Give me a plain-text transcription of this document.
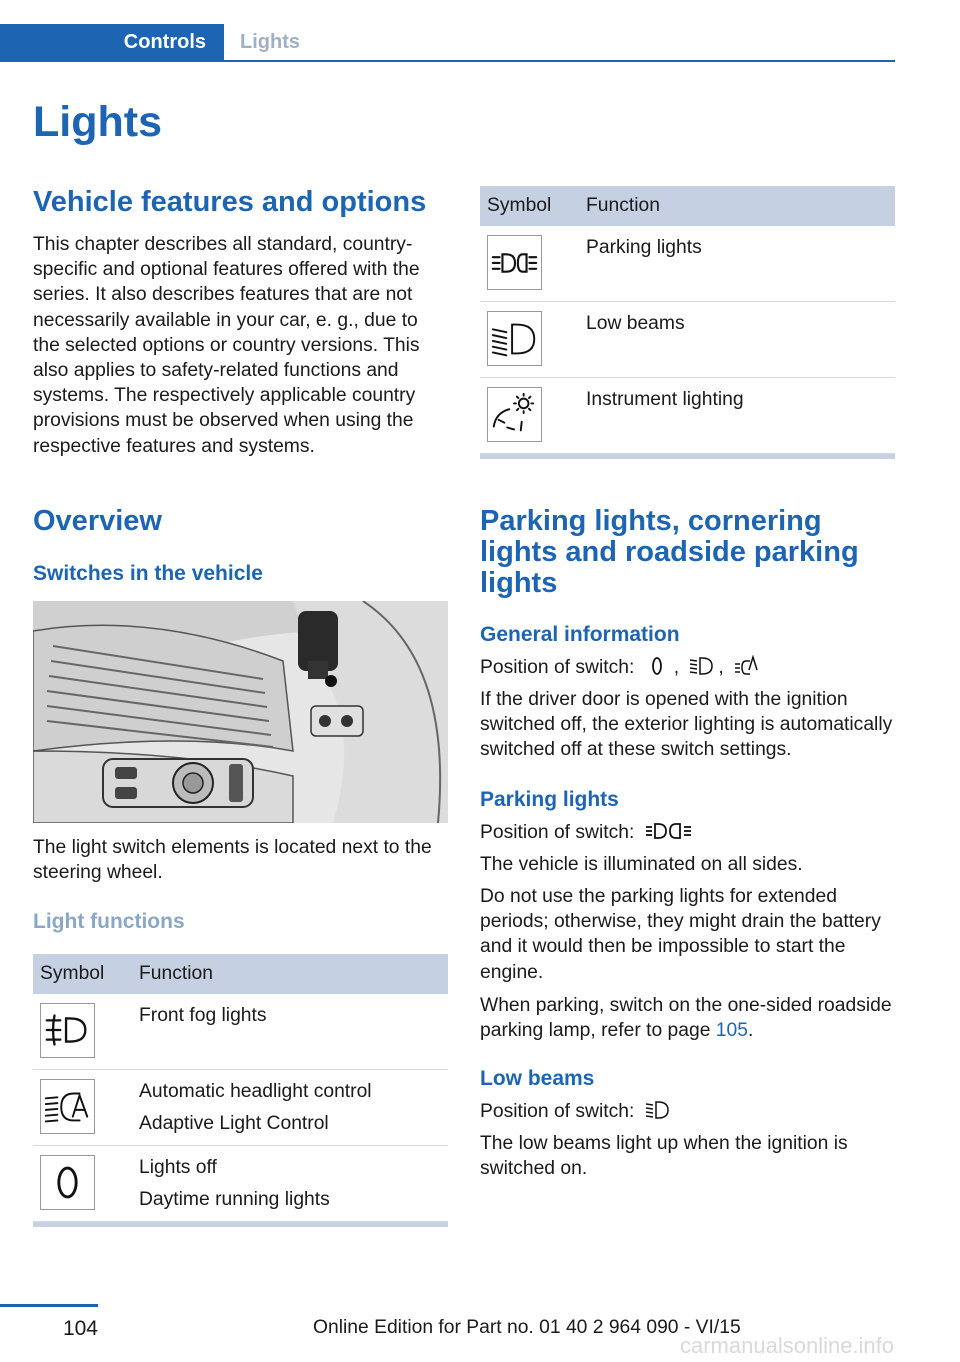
Controls	Lights
Lights
Vehicle features and options
This chapter describes all standard, country-specific and optional features offered with the series. It also describes features that are not necessarily available in your car, e. g., due to the selected options or country versions. This also applies to safety-related functions and systems. The respectively applicable country provisions must be observed when using the respective features and systems.
Overview
Switches in the vehicle
The light switch elements is located next to the steering wheel.
Light functions
Symbol Function
Front fog lights
Automatic headlight control
Adaptive Light Control
Lights off
Daytime running lights
Symbol Function
Parking lights
Low beams
Instrument lighting
Parking lights, cornering lights and roadside parking lights
General information
Position of switch: , ,
If the driver door is opened with the ignition switched off, the exterior lighting is automatically switched off at these switch settings.
Parking lights
Position of switch:
The vehicle is illuminated on all sides.
Do not use the parking lights for extended periods; otherwise, they might drain the battery and it would then be impossible to start the engine.
When parking, switch on the one-sided roadside parking lamp, refer to page 105.
Low beams
Position of switch:
The low beams light up when the ignition is switched on.
104	Online Edition for Part no. 01 40 2 964 090 - VI/15
carmanualsonline.info
